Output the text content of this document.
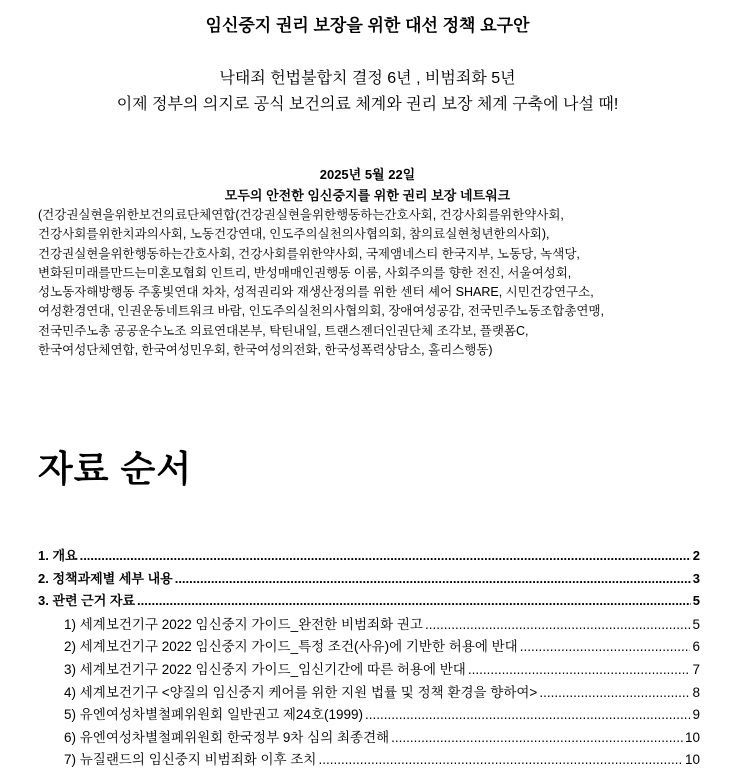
임신중지 권리 보장을 위한 대선 정책 요구안
낙태죄 헌법불합치 결정 6년 , 비범죄화 5년
이제 정부의 의지로 공식 보건의료 체계와 권리 보장 체계 구축에 나설 때!
2025년 5월 22일
모두의 안전한 임신중지를 위한 권리 보장 네트워크
(건강권실현을위한보건의료단체연합(건강권실현을위한행동하는간호사회, 건강사회를위한약사회,
건강사회를위한치과의사회, 노동건강연대, 인도주의실천의사협의회, 참의료실현청년한의사회),
건강권실현을위한행동하는간호사회, 건강사회를위한약사회, 국제앰네스티 한국지부, 노동당, 녹색당,
변화된미래를만드는미혼모협회 인트리, 반성매매인권행동 이룸, 사회주의를 향한 전진, 서울여성회,
성노동자해방행동 주홍빛연대 차차, 성적권리와 재생산정의를 위한 센터 셰어 SHARE, 시민건강연구소,
여성환경연대, 인권운동네트워크 바람, 인도주의실천의사협의회, 장애여성공감, 전국민주노동조합총연맹,
전국민주노총 공공운수노조 의료연대본부, 탁틴내일, 트랜스젠더인권단체 조각보, 플랫폼C,
한국여성단체연합, 한국여성민우회, 한국여성의전화, 한국성폭력상담소, 홀리스행동)
자료 순서
1. 개요 .....	2
2. 정책과제별 세부 내용 .....	3
3. 관련 근거 자료 .....	5
1) 세계보건기구 2022 임신중지 가이드_완전한 비범죄화 권고 .....	5
2) 세계보건기구 2022 임신중지 가이드_특정 조건(사유)에 기반한 허용에 반대 .....	6
3) 세계보건기구 2022 임신중지 가이드_임신기간에 따른 허용에 반대 .....	7
4) 세계보건기구 <양질의 임신중지 케어를 위한 지원 법률 및 정책 환경을 향하여> .....	8
5) 유엔여성차별철폐위원회 일반권고 제24호(1999) .....	9
6) 유엔여성차별철폐위원회 한국정부 9차 심의 최종견해 .....	10
7) 뉴질랜드의 임신중지 비범죄화 이후 조치 .....	10
